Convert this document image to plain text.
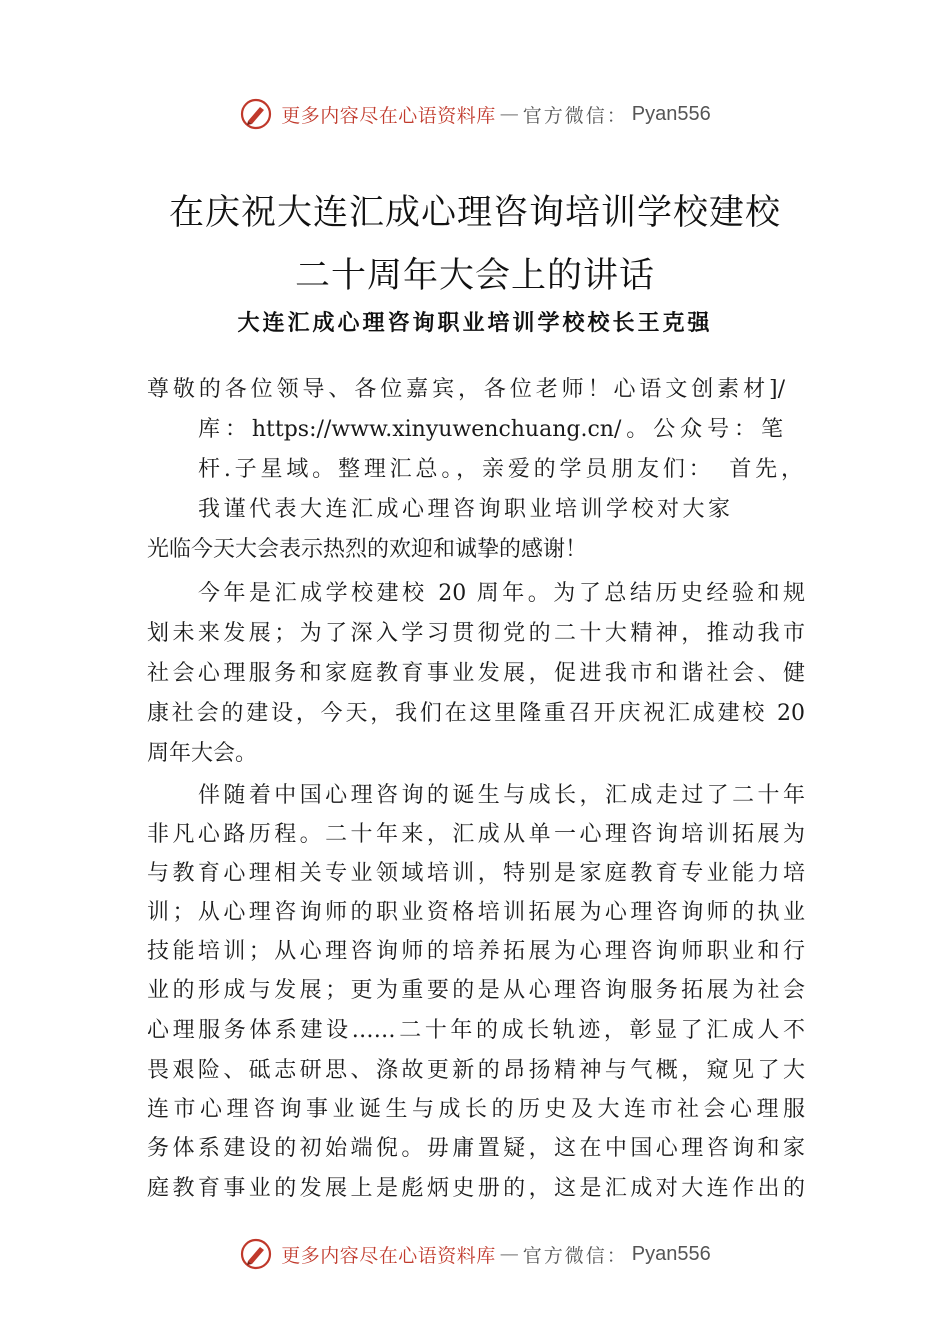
更多内容尽在心语资料库 — 官方微信： Pyan556
在庆祝大连汇成心理咨询培训学校建校
二十周年大会上的讲话
大连汇成心理咨询职业培训学校校长王克强
尊敬的各位领导、各位嘉宾，各位老师！心语文创素材]/
库：https://www.xinyuwenchuang.cn/。公众号：笔
杆.子星域。整理汇总。，亲爱的学员朋友们：　首先，
我谨代表大连汇成心理咨询职业培训学校对大家
光临今天大会表示热烈的欢迎和诚挚的感谢！
今年是汇成学校建校 20 周年。为了总结历史经验和规
划未来发展；为了深入学习贯彻党的二十大精神，推动我市
社会心理服务和家庭教育事业发展，促进我市和谐社会、健
康社会的建设，今天，我们在这里隆重召开庆祝汇成建校 20
周年大会。
伴随着中国心理咨询的诞生与成长，汇成走过了二十年
非凡心路历程。二十年来，汇成从单一心理咨询培训拓展为
与教育心理相关专业领域培训，特别是家庭教育专业能力培
训；从心理咨询师的职业资格培训拓展为心理咨询师的执业
技能培训；从心理咨询师的培养拓展为心理咨询师职业和行
业的形成与发展；更为重要的是从心理咨询服务拓展为社会
心理服务体系建设……二十年的成长轨迹，彰显了汇成人不
畏艰险、砥志研思、涤故更新的昂扬精神与气概，窥见了大
连市心理咨询事业诞生与成长的历史及大连市社会心理服
务体系建设的初始端倪。毋庸置疑，这在中国心理咨询和家
庭教育事业的发展上是彪炳史册的，这是汇成对大连作出的
更多内容尽在心语资料库 — 官方微信： Pyan556
